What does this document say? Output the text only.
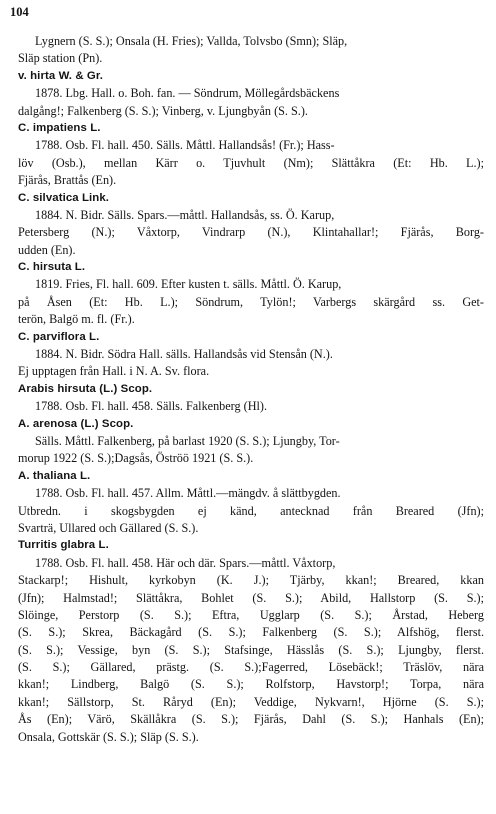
104
Lygnern (S. S.); Onsala (H. Fries); Vallda, Tolvsbo (Smn); Släp,
Släp station (Pn).
v. hirta W. & Gr.
1878. Lbg. Hall. o. Boh. fan. — Söndrum, Möllegårdsbäckens
dalgång!; Falkenberg (S. S.); Vinberg, v. Ljungbyån (S. S.).
C. impatiens L.
1788. Osb. Fl. hall. 450. Sälls. Måttl. Hallandsås! (Fr.); Hass-
löv (Osb.), mellan Kärr o. Tjuvhult (Nm); Slättåkra (Et: Hb. L.);
Fjärås, Brattås (En).
C. silvatica Link.
1884. N. Bidr. Sälls. Spars.—måttl. Hallandsås, ss. Ö. Karup,
Petersberg (N.); Våxtorp, Vindrarp (N.), Klintahallar!; Fjärås, Borg-
udden (En).
C. hirsuta L.
1819. Fries, Fl. hall. 609. Efter kusten t. sälls. Måttl. Ö. Karup,
på Åsen (Et: Hb. L.); Söndrum, Tylön!; Varbergs skärgård ss. Get-
terön, Balgö m. fl. (Fr.).
C. parviflora L.
1884. N. Bidr. Södra Hall. sälls. Hallandsås vid Stensån (N.).
Ej upptagen från Hall. i N. A. Sv. flora.
Arabis hirsuta (L.) Scop.
1788. Osb. Fl. hall. 458. Sälls. Falkenberg (Hl).
A. arenosa (L.) Scop.
Sälls. Måttl. Falkenberg, på barlast 1920 (S. S.); Ljungby, Tor-
morup 1922 (S. S.);Dagsås, Öströö 1921 (S. S.).
A. thaliana L.
1788. Osb. Fl. hall. 457. Allm. Måttl.—mängdv. å slättbygden.
Utbredn. i skogsbygden ej känd, antecknad från Breared (Jfn);
Svarträ, Ullared och Gällared (S. S.).
Turritis glabra L.
1788. Osb. Fl. hall. 458. Här och där. Spars.—måttl. Våxtorp,
Stackarp!; Hishult, kyrkobyn (K. J.); Tjärby, kkan!; Breared, kkan
(Jfn); Halmstad!; Slättåkra, Bohlet (S. S.); Abild, Hallstorp (S. S.);
Slöinge, Perstorp (S. S.); Eftra, Ugglarp (S. S.); Årstad, Heberg
(S. S.); Skrea, Bäckagård (S. S.); Falkenberg (S. S.); Alfshög, flerst.
(S. S.); Vessige, byn (S. S.); Stafsinge, Hässlås (S. S.); Ljungby, flerst.
(S. S.); Gällared, prästg. (S. S.);Fagerred, Lösebäck!; Träslöv, nära
kkan!; Lindberg, Balgö (S. S.); Rolfstorp, Havstorp!; Torpa, nära
kkan!; Sällstorp, St. Råryd (En); Veddige, Nykvarn!, Hjörne (S. S.);
Ås (En); Värö, Skällåkra (S. S.); Fjärås, Dahl (S. S.); Hanhals (En);
Onsala, Gottskär (S. S.); Släp (S. S.).
